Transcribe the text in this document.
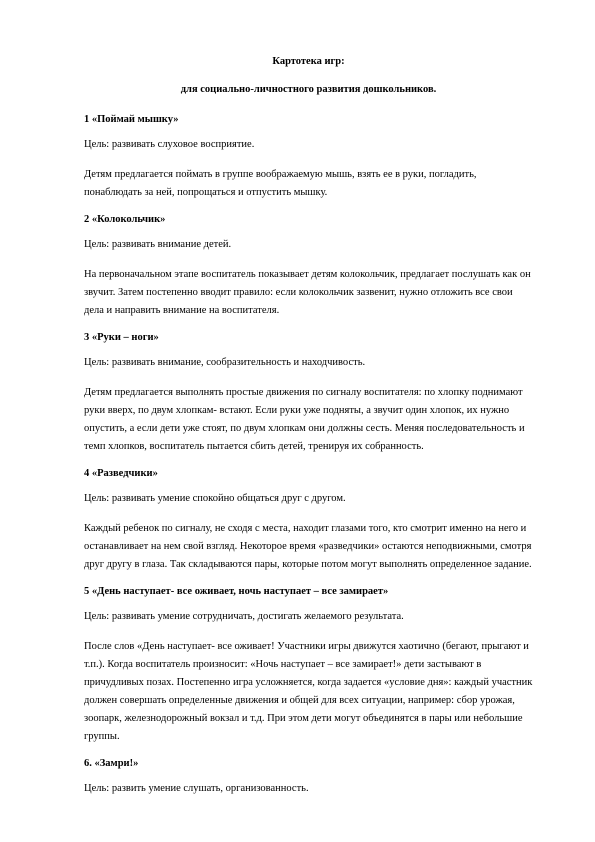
Картотека игр:

для социально-личностного развития дошкольников.

1 «Поймай мышку»

Цель: развивать слуховое восприятие.

Детям предлагается поймать в группе воображаемую мышь, взять ее в руки, погладить, понаблюдать за ней, попрощаться и отпустить мышку.

2 «Колокольчик»

Цель: развивать внимание детей.

На первоначальном этапе воспитатель показывает детям колокольчик, предлагает послушать как он звучит. Затем постепенно вводит правило: если колокольчик зазвенит, нужно отложить все свои дела и направить внимание на воспитателя.

3 «Руки – ноги»

Цель: развивать внимание, сообразительность и находчивость.

Детям предлагается выполнять простые движения по сигналу воспитателя: по хлопку поднимают руки вверх, по двум хлопкам- встают. Если руки уже подняты, а звучит один хлопок, их нужно опустить, а если дети уже стоят, по двум хлопкам они должны сесть. Меняя последовательность и темп хлопков, воспитатель пытается сбить детей, тренируя их собранность.

4 «Разведчики»

Цель: развивать умение спокойно общаться друг с другом.

Каждый ребенок по сигналу, не сходя с места, находит глазами того, кто смотрит именно на него и останавливает на нем свой взгляд. Некоторое время «разведчики» остаются неподвижными, смотря друг другу в глаза. Так складываются пары, которые потом могут выполнять определенное задание.

5 «День наступает- все оживает, ночь наступает – все замирает»

Цель: развивать умение сотрудничать, достигать желаемого результата.

После слов «День наступает- все оживает! Участники игры движутся хаотично (бегают, прыгают и т.п.). Когда воспитатель произносит: «Ночь наступает – все замирает!» дети застывают в причудливых позах. Постепенно игра усложняется, когда задается «условие дня»: каждый участник должен совершать определенные движения и общей для всех ситуации, например: сбор урожая, зоопарк, железнодорожный вокзал и т.д. При этом дети могут объединятся в пары или небольшие группы.

6. «Замри!»

Цель: развить умение слушать, организованность.
